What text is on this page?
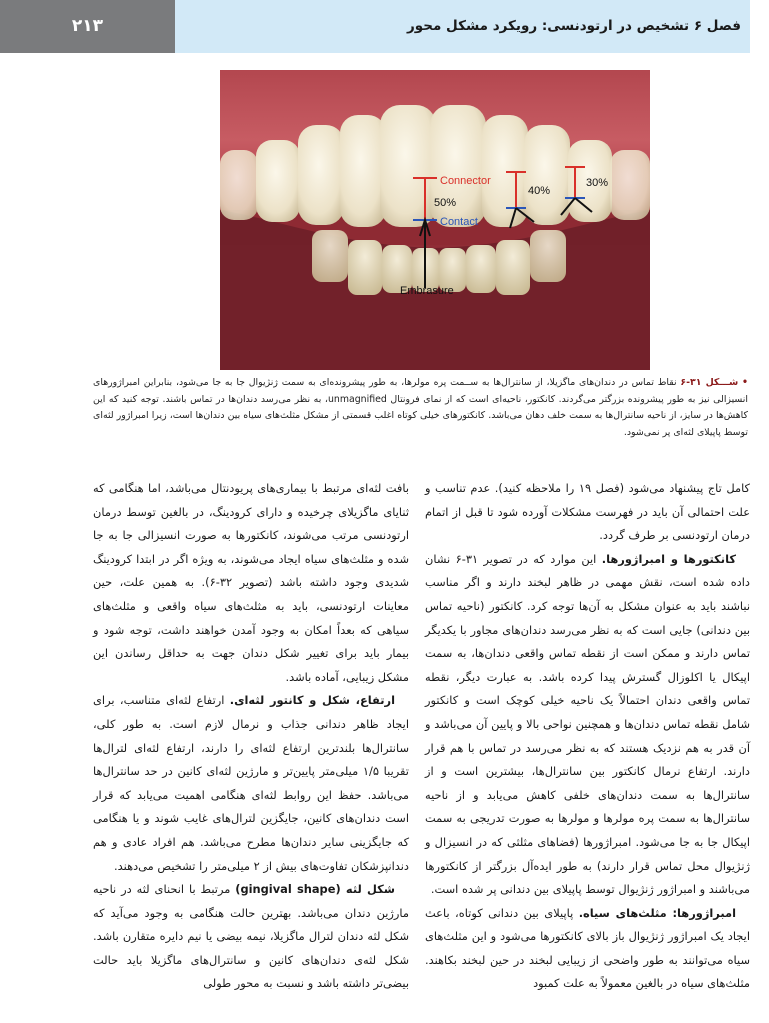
۲۱۳	فصل ۶ تشخیص در ارتودنسی: رویکرد مشکل محور
Connector
50%
Contact
40%
30%
Embrasure
• شـــکل ۳۱-۶ نقاط تماس در دندان‌های ماگزیلا، از سانترال‌ها به ســمت پره مولرها، به طور پیشرونده‌ای به سمت ژنژیوال جا به جا می‌شود، بنابراین امبراژورهای انسیزالی نیز به طور پیشرونده بزرگتر می‌گردند. کانکتور، ناحیه‌ای است که از نمای فرونتال unmagnified، به نظر می‌رسد دندان‌ها در تماس باشند. توجه کنید که این کاهش‌ها در سایز، از ناحیه سانترال‌ها به سمت خلف دهان می‌باشد. کانکتورهای خیلی کوتاه اغلب قسمتی از مشکل مثلث‌های سیاه بین دندان‌ها است، زیرا امبراژور لثه‌ای توسط پاپیلای لثه‌ای پر نمی‌شود.

کامل تاج پیشنهاد می‌شود (فصل ۱۹ را ملاحظه کنید). عدم تناسب و علت احتمالی آن باید در فهرست مشکلات آورده شود تا قبل از اتمام درمان ارتودنسی بر طرف گردد.

کانکتورها و امبراژورها. این موارد که در تصویر ۳۱-۶ نشان داده شده است، نقش مهمی در ظاهر لبخند دارند و اگر مناسب نباشند باید به عنوان مشکل به آن‌ها توجه کرد. کانکتور (ناحیه تماس بین دندانی) جایی است که به نظر می‌رسد دندان‌های مجاور با یکدیگر تماس دارند و ممکن است از نقطه تماس واقعی دندان‌ها، به سمت اپیکال یا اکلوزال گسترش پیدا کرده باشد. به عبارت دیگر، نقطه تماس واقعی دندان احتمالاً یک ناحیه خیلی کوچک است و کانکتور شامل نقطه تماس دندان‌ها و همچنین نواحی بالا و پایین آن می‌باشد و آن قدر به هم نزدیک هستند که به نظر می‌رسد در تماس با هم قرار دارند. ارتفاع نرمال کانکتور بین سانترال‌ها، بیشترین است و از سانترال‌ها به سمت دندان‌های خلفی کاهش می‌یابد و از ناحیه سانترال‌ها به سمت پره مولرها و مولرها به صورت تدریجی به سمت اپیکال جا به جا می‌شود. امبراژورها (فضاهای مثلثی که در انسیزال و ژنژیوال محل تماس قرار دارند) به طور ایده‌آل بزرگتر از کانکتورها می‌باشند و امبراژور ژنژیوال توسط پاپیلای بین دندانی پر شده است.

امبراژورها: مثلث‌های سیاه. پاپیلای بین دندانی کوتاه، باعث ایجاد یک امبراژور ژنژیوال باز بالای کانکتورها می‌شود و این مثلث‌های سیاه می‌توانند به طور واضحی از زیبایی لبخند در حین لبخند بکاهند. مثلث‌های سیاه در بالغین معمولاً به علت کمبود

بافت لثه‌ای مرتبط با بیماری‌های پریودنتال می‌باشد، اما هنگامی که ثنایای ماگزیلای چرخیده و دارای کرودینگ، در بالغین توسط درمان ارتودنسی مرتب می‌شوند، کانکتورها به صورت انسیزالی جا به جا شده و مثلث‌های سیاه ایجاد می‌شوند، به ویژه اگر در ابتدا کرودینگ شدیدی وجود داشته باشد (تصویر ۳۲-۶). به همین علت، حین معاینات ارتودنسی، باید به مثلث‌های سیاه واقعی و مثلث‌های سیاهی که بعداً امکان به وجود آمدن خواهند داشت، توجه شود و بیمار باید برای تغییر شکل دندان جهت به حداقل رساندن این مشکل زیبایی، آماده باشد.

ارتفاع، شکل و کانتور لثه‌ای. ارتفاع لثه‌ای متناسب، برای ایجاد ظاهر دندانی جذاب و نرمال لازم است. به طور کلی، سانترال‌ها بلندترین ارتفاع لثه‌ای را دارند، ارتفاع لثه‌ای لترال‌ها تقریبا ۱/۵ میلی‌متر پایین‌تر و مارژین لثه‌ای کانین در حد سانترال‌ها می‌باشد. حفظ این روابط لثه‌ای هنگامی اهمیت می‌یابد که قرار است دندان‌های کانین، جایگزین لترال‌های غایب شوند و یا هنگامی که جایگزینی سایر دندان‌ها مطرح می‌باشد. هم افراد عادی و هم دندانپزشکان تفاوت‌های بیش از ۲ میلی‌متر را تشخیص می‌دهند.

شکل لثه (gingival shape) مرتبط با انحنای لثه در ناحیه مارژین دندان می‌باشد. بهترین حالت هنگامی به وجود می‌آید که شکل لثه دندان لترال ماگزیلا، نیمه بیضی یا نیم دایره متقارن باشد. شکل لثه‌ی دندان‌های کانین و سانترال‌های ماگزیلا باید حالت بیضی‌تر داشته باشد و نسبت به محور طولی
